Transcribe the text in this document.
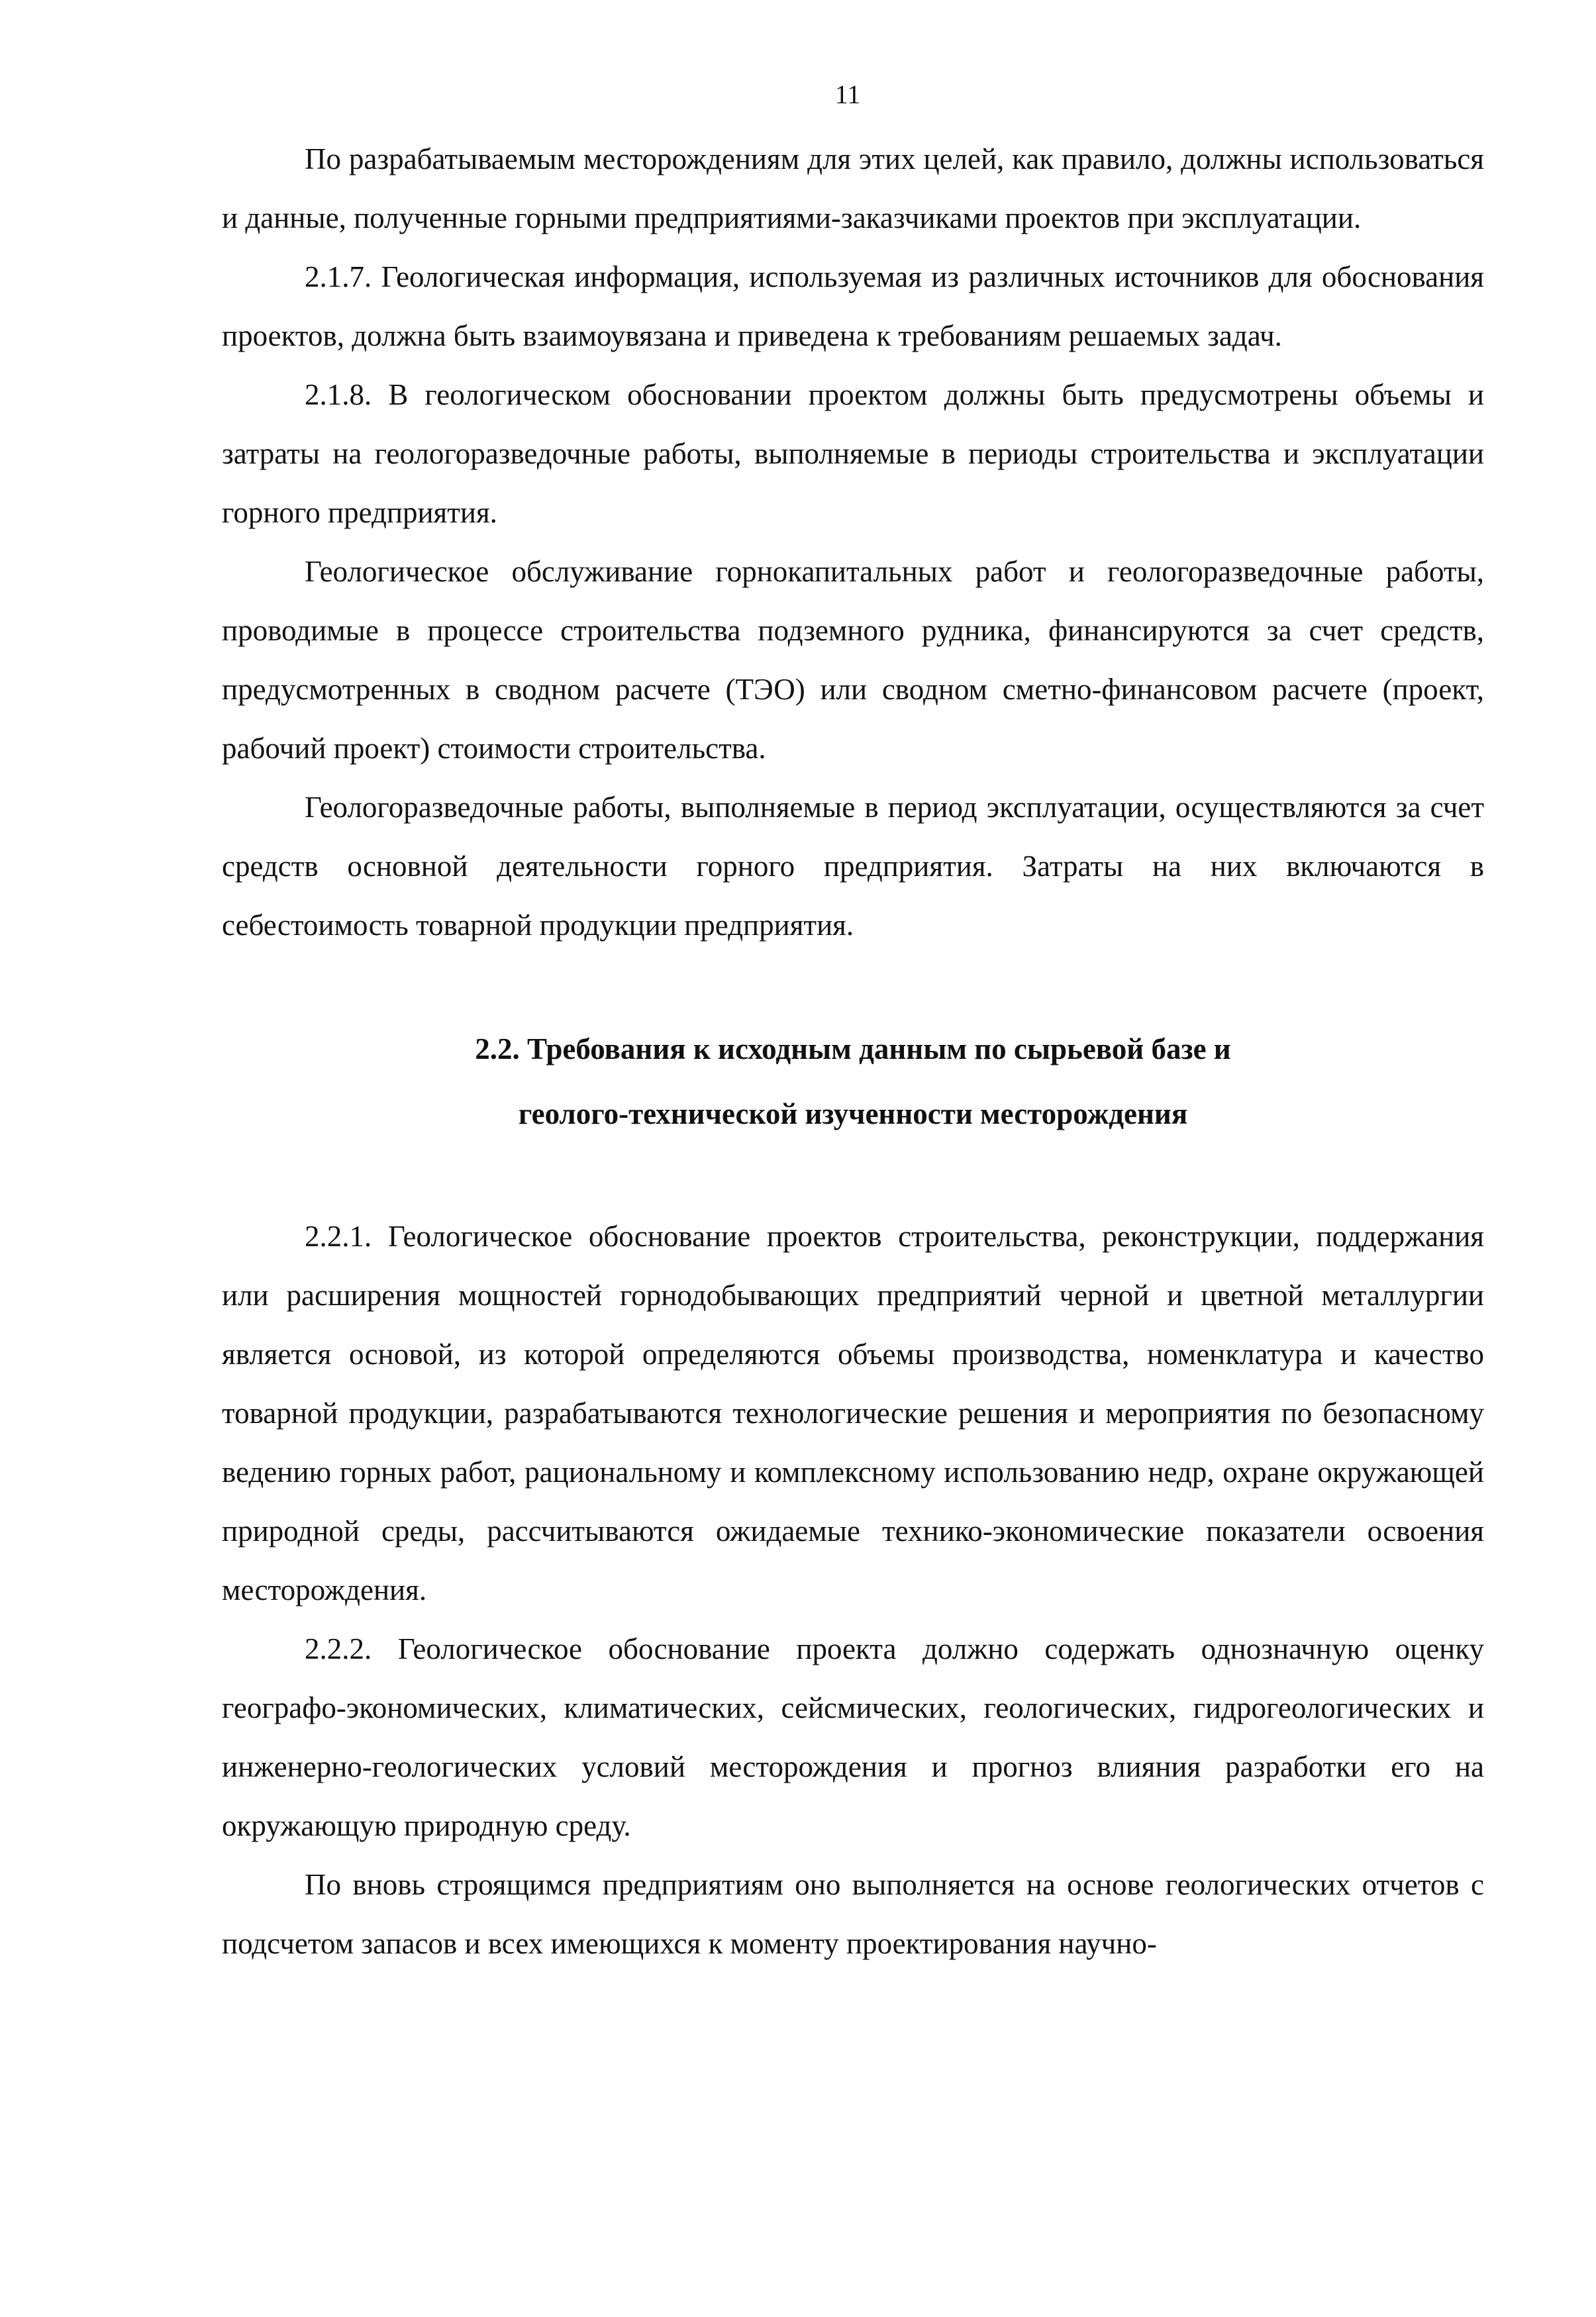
11

По разрабатываемым месторождениям для этих целей, как правило, должны использоваться и данные, полученные горными предприятиями-заказчиками проектов при эксплуатации.

2.1.7. Геологическая информация, используемая из различных источников для обоснования проектов, должна быть взаимоувязана и приведена к требованиям решаемых задач.

2.1.8. В геологическом обосновании проектом должны быть предусмотрены объемы и затраты на геологоразведочные работы, выполняемые в периоды строительства и эксплуатации горного предприятия.

Геологическое обслуживание горнокапитальных работ и геологоразведочные работы, проводимые в процессе строительства подземного рудника, финансируются за счет средств, предусмотренных в сводном расчете (ТЭО) или сводном сметно-финансовом расчете (проект, рабочий проект) стоимости строительства.

Геологоразведочные работы, выполняемые в период эксплуатации, осуществляются за счет средств основной деятельности горного предприятия. Затраты на них включаются в себестоимость товарной продукции предприятия.

2.2. Требования к исходным данным по сырьевой базе и
геолого-технической изученности месторождения

2.2.1. Геологическое обоснование проектов строительства, реконструкции, поддержания или расширения мощностей горнодобывающих предприятий черной и цветной металлургии является основой, из которой определяются объемы производства, номенклатура и качество товарной продукции, разрабатываются технологические решения и мероприятия по безопасному ведению горных работ, рациональному и комплексному использованию недр, охране окружающей природной среды, рассчитываются ожидаемые технико-экономические показатели освоения месторождения.

2.2.2. Геологическое обоснование проекта должно содержать однозначную оценку географо-экономических, климатических, сейсмических, геологических, гидрогеологических и инженерно-геологических условий месторождения и прогноз влияния разработки его на окружающую природную среду.

По вновь строящимся предприятиям оно выполняется на основе геологических отчетов с подсчетом запасов и всех имеющихся к моменту проектирования научно-
